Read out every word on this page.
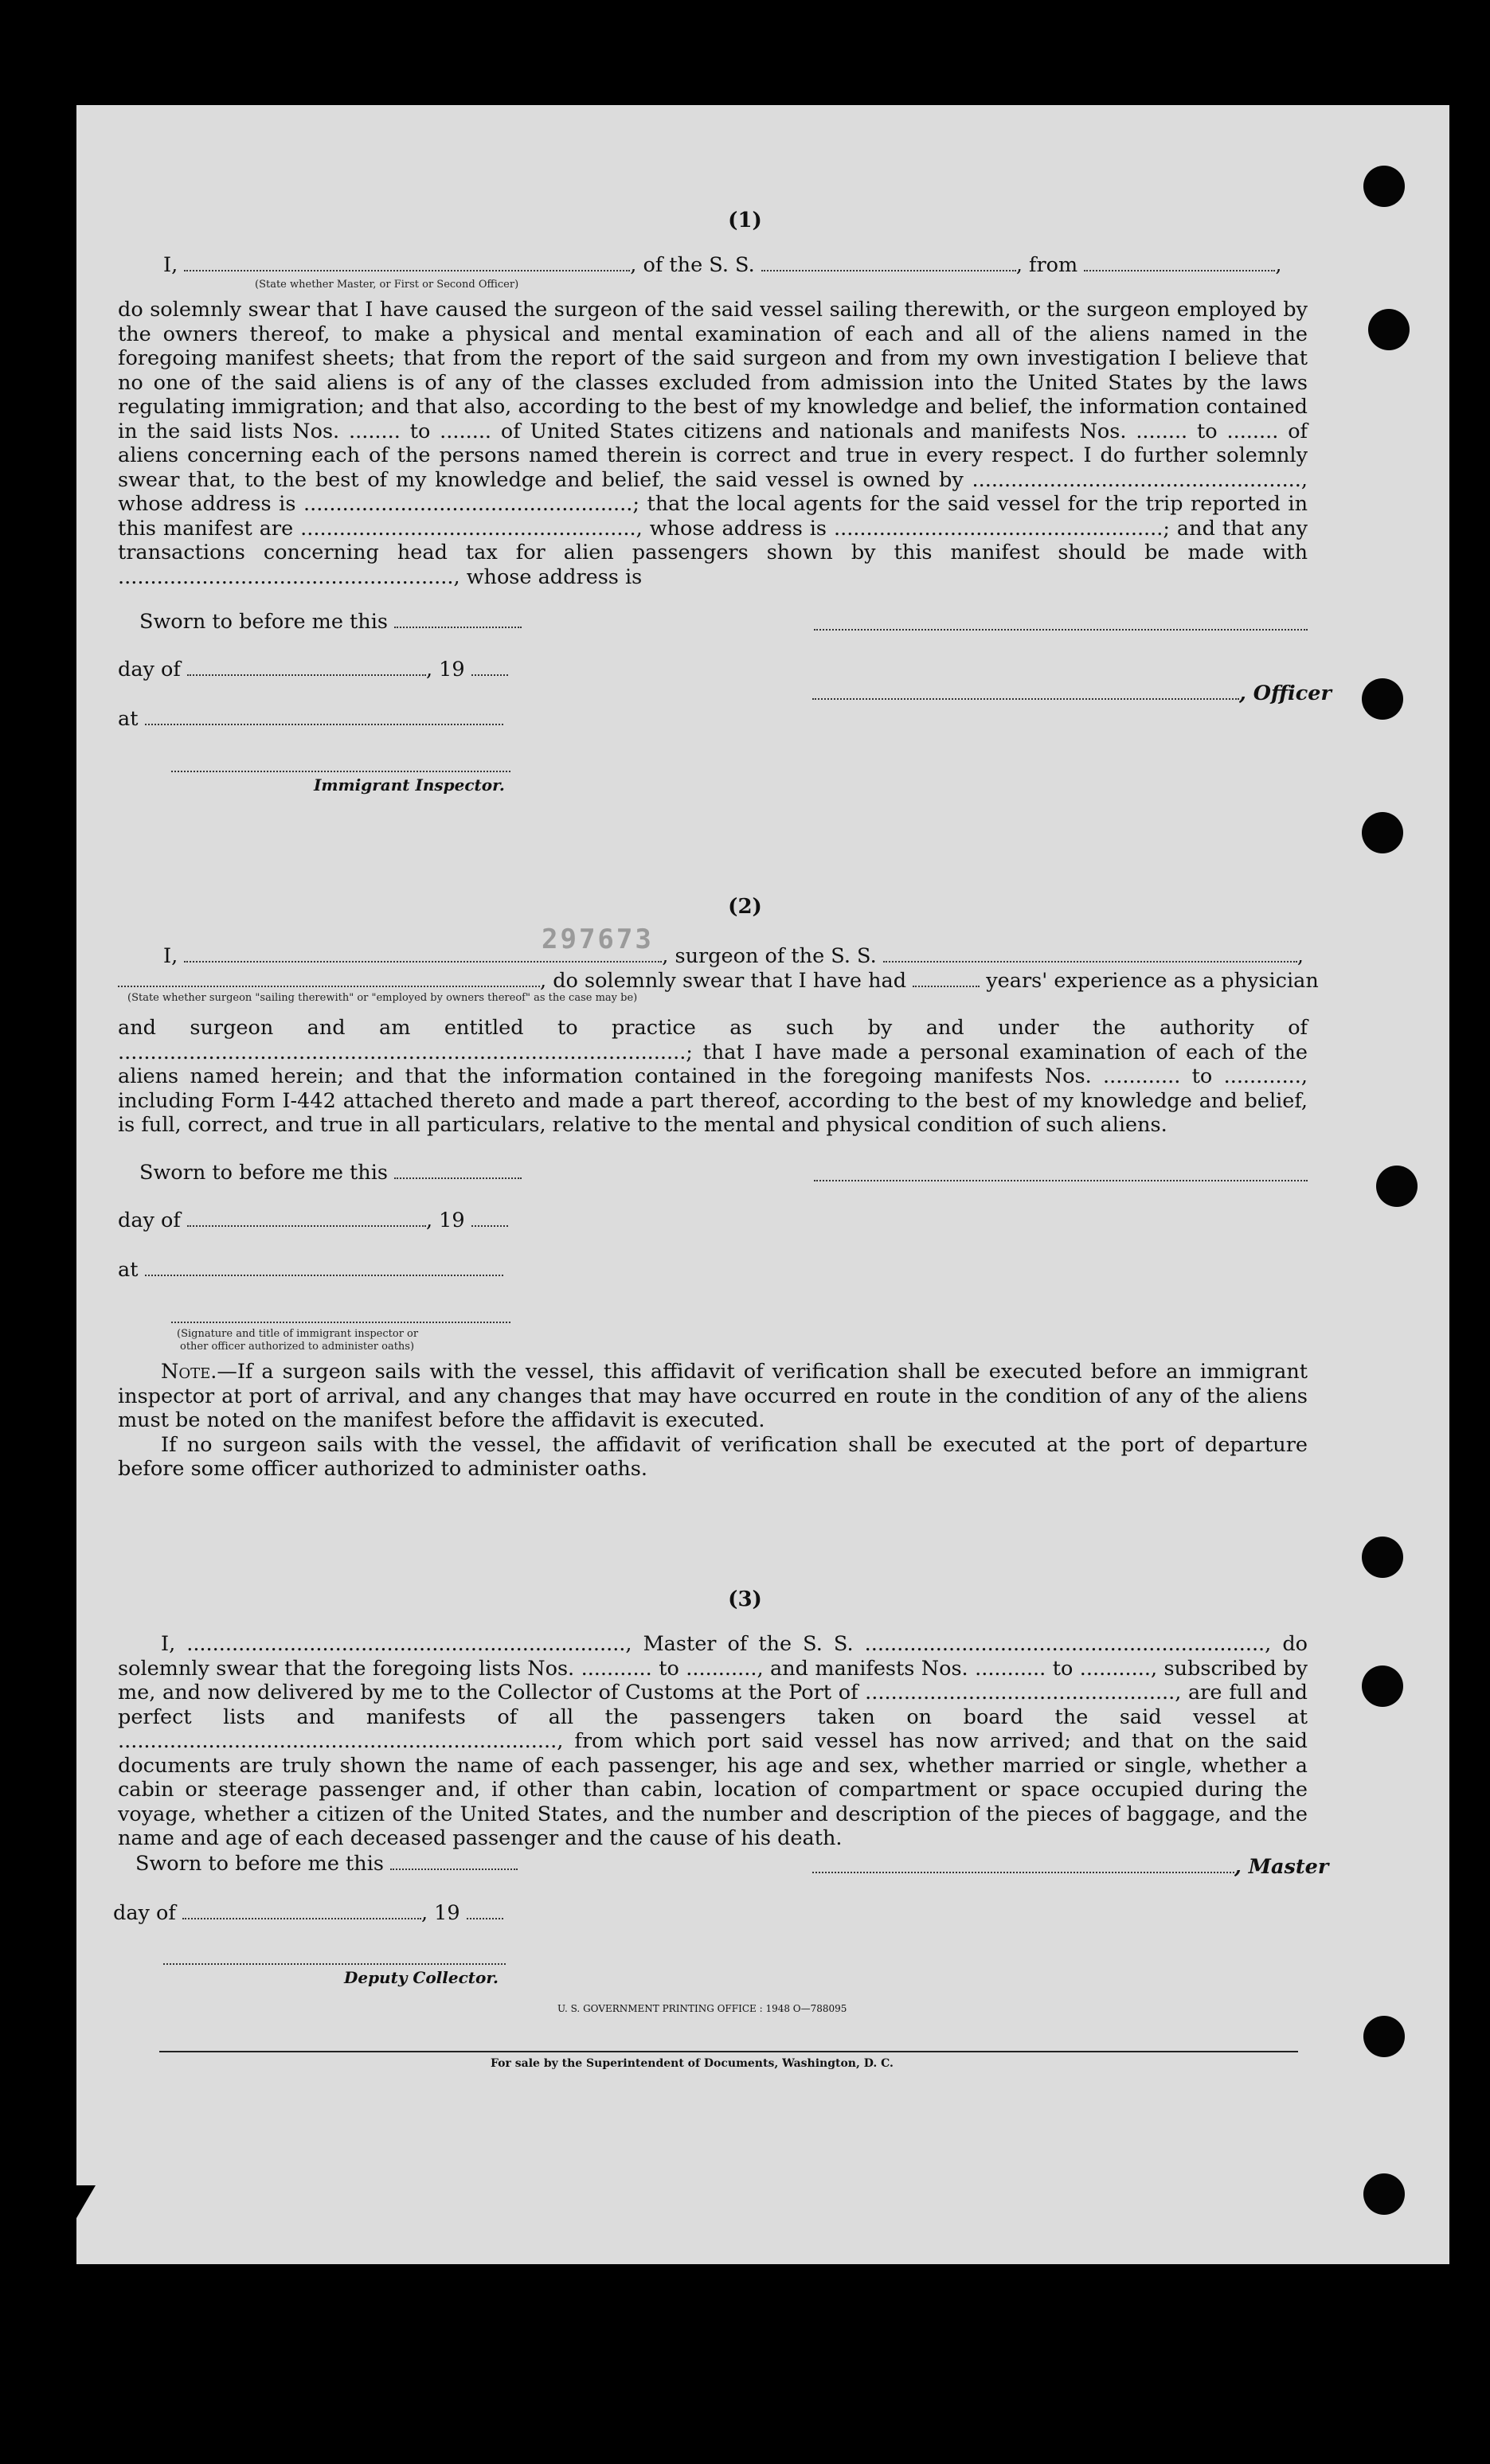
297673
(1)
I,	, of the S. S.	, from	,
(State whether Master, or First or Second Officer)

do solemnly swear that I have caused the surgeon of the said vessel sailing therewith, or the surgeon employed by the owners thereof, to make a physical and mental examination of each and all of the aliens named in the foregoing manifest sheets; that from the report of the said surgeon and from my own investigation I believe that no one of the said aliens is of any of the classes excluded from admission into the United States by the laws regulating immigration; and that also, according to the best of my knowledge and belief, the information contained in the said lists Nos. ........ to ........ of United States citizens and nationals and manifests Nos. ........ to ........ of aliens concerning each of the persons named therein is correct and true in every respect. I do further solemnly swear that, to the best of my knowledge and belief, the said vessel is owned by ..................................................., whose address is ...................................................; that the local agents for the said vessel for the trip reported in this manifest are ...................................................., whose address is ...................................................; and that any transactions concerning head tax for alien passengers shown by this manifest should be made with ...................................................., whose address is

Sworn to before me this
day of	, 19
at
, Officer
Immigrant Inspector.
(2)
I,	, surgeon of the S. S.	,
, do solemnly swear that I have had	years' experience as a physician
(State whether surgeon "sailing therewith" or "employed by owners thereof" as the case may be)

and surgeon and am entitled to practice as such by and under the authority of ........................................................................................; that I have made a personal examination of each of the aliens named herein; and that the information contained in the foregoing manifests Nos. ............ to ............, including Form I-442 attached thereto and made a part thereof, according to the best of my knowledge and belief, is full, correct, and true in all particulars, relative to the mental and physical condition of such aliens.

Sworn to before me this
day of	, 19
at
(Signature and title of immigrant inspector or
other officer authorized to administer oaths)

Note.—If a surgeon sails with the vessel, this affidavit of verification shall be executed before an immigrant inspector at port of arrival, and any changes that may have occurred en route in the condition of any of the aliens must be noted on the manifest before the affidavit is executed.

If no surgeon sails with the vessel, the affidavit of verification shall be executed at the port of departure before some officer authorized to administer oaths.

(3)

I, ...................................................................., Master of the S. S. .............................................................., do solemnly swear that the foregoing lists Nos. ........... to ..........., and manifests Nos. ........... to ..........., subscribed by me, and now delivered by me to the Collector of Customs at the Port of ................................................, are full and perfect lists and manifests of all the passengers taken on board the said vessel at ...................................................................., from which port said vessel has now arrived; and that on the said documents are truly shown the name of each passenger, his age and sex, whether married or single, whether a cabin or steerage passenger and, if other than cabin, location of compartment or space occupied during the voyage, whether a citizen of the United States, and the number and description of the pieces of baggage, and the name and age of each deceased passenger and the cause of his death.

Sworn to before me this	, Master
day of	, 19
Deputy Collector.
U. S. GOVERNMENT PRINTING OFFICE : 1948 O—788095
For sale by the Superintendent of Documents, Washington, D. C.
